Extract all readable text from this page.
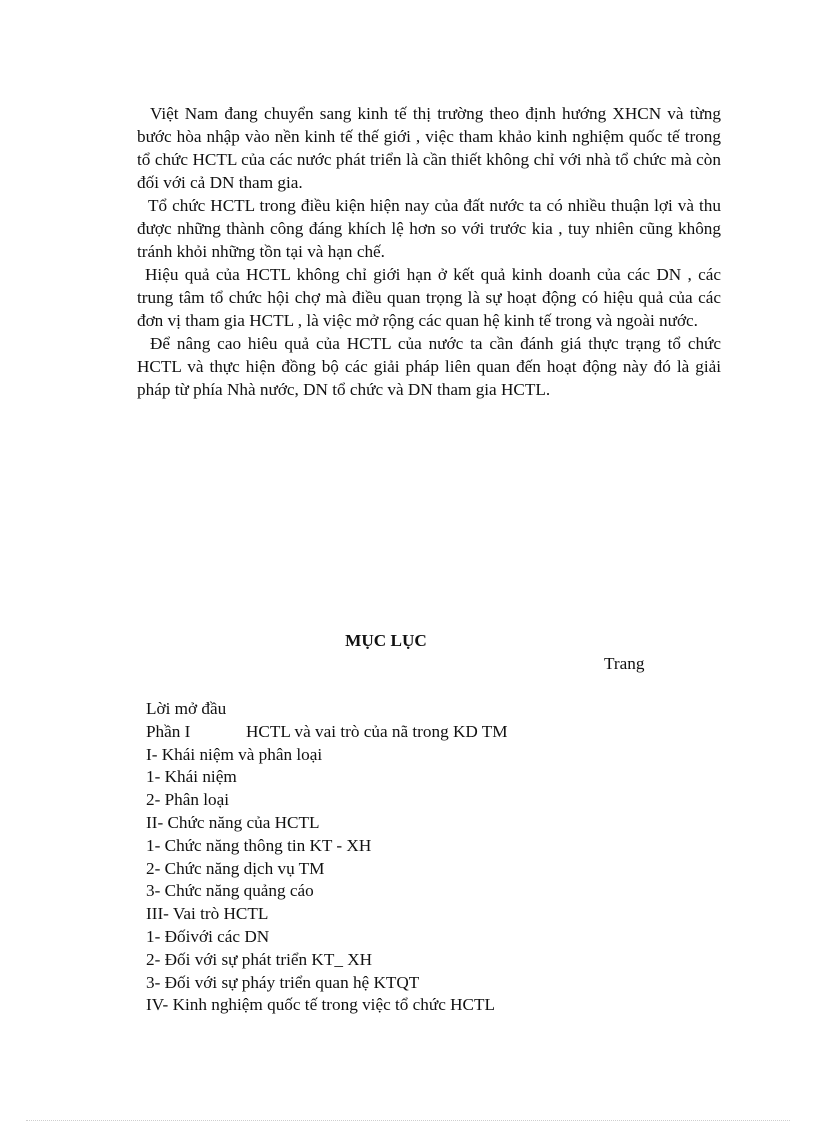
Việt Nam đang chuyển sang kinh tế thị trường theo định hướng XHCN và từng bước hòa nhập vào nền kinh tế thế giới , việc tham khảo kinh nghiệm quốc tế trong tổ chức HCTL của các nước phát triển là cần thiết không chỉ với nhà tổ chức mà còn đối với cả DN tham gia.

Tổ chức HCTL trong điều kiện hiện nay của đất nước ta có nhiều thuận lợi và thu được những thành công đáng khích lệ hơn so với trước kia , tuy nhiên cũng không tránh khỏi những tồn tại và hạn chế.

Hiệu quả của HCTL không chỉ giới hạn ở kết quả kinh doanh của các DN , các trung tâm tổ chức hội chợ mà điều quan trọng là sự hoạt động có hiệu quả của các đơn vị tham gia HCTL , là việc mở rộng các quan hệ kinh tế trong và ngoài nước.

Để nâng cao hiêu quả của HCTL của nước ta cần đánh giá thực trạng tổ chức HCTL và thực hiện đồng bộ các giải pháp liên quan đến hoạt động này đó là giải pháp từ phía Nhà nước, DN tổ chức và DN tham gia HCTL.

MỤC LỤC
Trang
Lời mở đầu
Phần I	HCTL và vai trò của nã trong KD TM
I- Khái niệm và phân loại
1- Khái niệm
2- Phân loại
II- Chức năng của HCTL
1- Chức năng thông tin KT - XH
2- Chức năng dịch vụ TM
3- Chức năng quảng cáo
III- Vai trò HCTL
1- Đốivới các DN
2- Đối với sự phát triển KT_ XH
3- Đối với sự pháy triển quan hệ KTQT
IV- Kinh nghiệm quốc tế trong việc tổ chức HCTL
